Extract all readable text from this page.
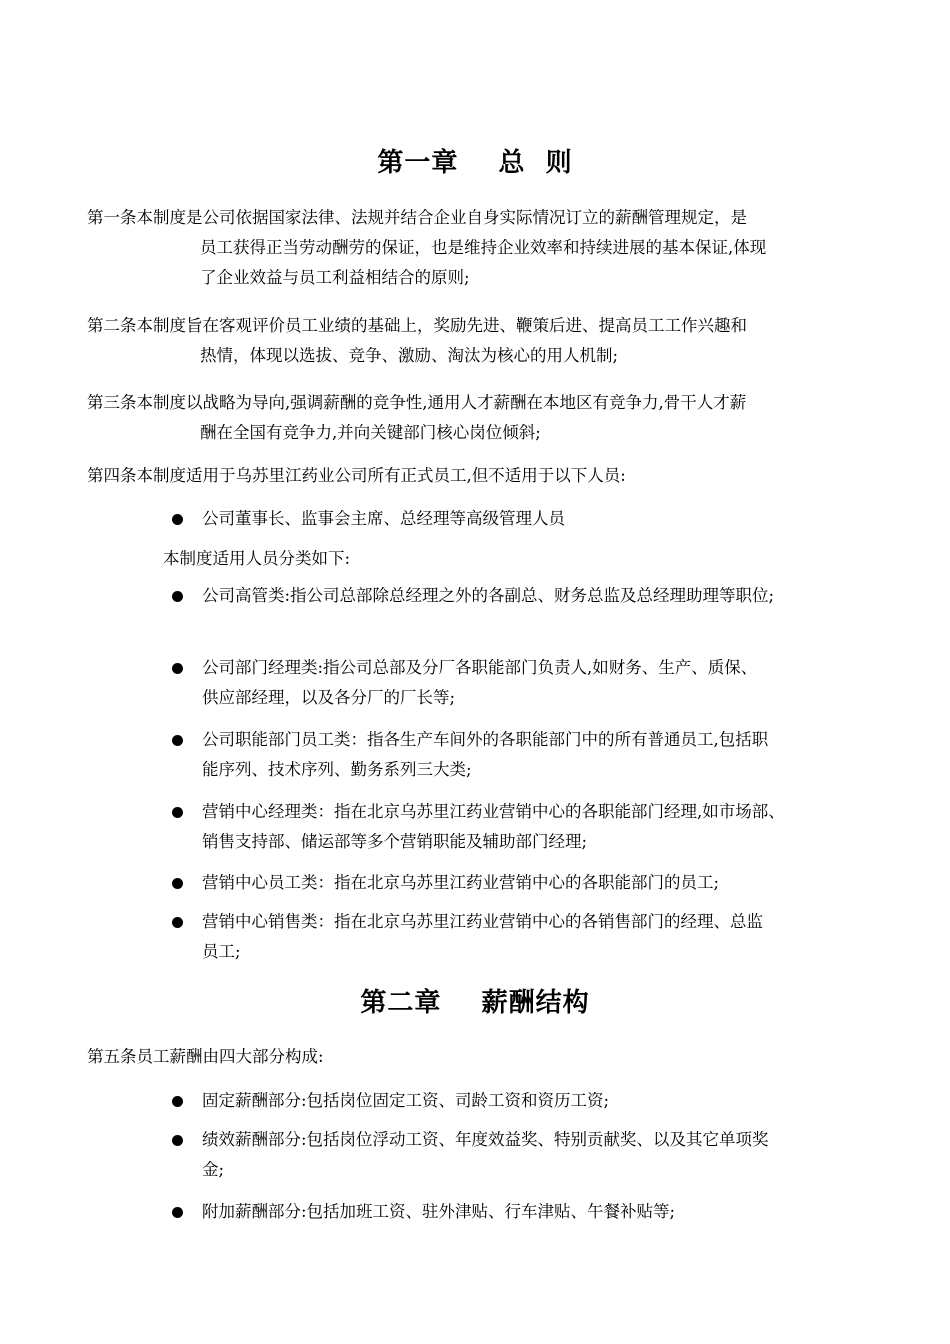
第一章    总  则
第一条本制度是公司依据国家法律、法规并结合企业自身实际情况订立的薪酬管理规定，是
员工获得正当劳动酬劳的保证，也是维持企业效率和持续进展的基本保证,体现
了企业效益与员工利益相结合的原则;
第二条本制度旨在客观评价员工业绩的基础上，奖励先进、鞭策后进、提高员工工作兴趣和
热情，体现以选拔、竞争、激励、淘汰为核心的用人机制;
第三条本制度以战略为导向,强调薪酬的竞争性,通用人才薪酬在本地区有竞争力,骨干人才薪
酬在全国有竞争力,并向关键部门核心岗位倾斜;
第四条本制度适用于乌苏里江药业公司所有正式员工,但不适用于以下人员:
公司董事长、监事会主席、总经理等高级管理人员
本制度适用人员分类如下:
公司高管类:指公司总部除总经理之外的各副总、财务总监及总经理助理等职位;
公司部门经理类:指公司总部及分厂各职能部门负责人,如财务、生产、质保、
供应部经理，以及各分厂的厂长等;
公司职能部门员工类：指各生产车间外的各职能部门中的所有普通员工,包括职
能序列、技术序列、勤务系列三大类;
营销中心经理类：指在北京乌苏里江药业营销中心的各职能部门经理,如市场部、
销售支持部、储运部等多个营销职能及辅助部门经理;
营销中心员工类：指在北京乌苏里江药业营销中心的各职能部门的员工;
营销中心销售类：指在北京乌苏里江药业营销中心的各销售部门的经理、总监
员工;
第二章    薪酬结构
第五条员工薪酬由四大部分构成:
固定薪酬部分:包括岗位固定工资、司龄工资和资历工资;
绩效薪酬部分:包括岗位浮动工资、年度效益奖、特别贡献奖、以及其它单项奖
金;
附加薪酬部分:包括加班工资、驻外津贴、行车津贴、午餐补贴等;
